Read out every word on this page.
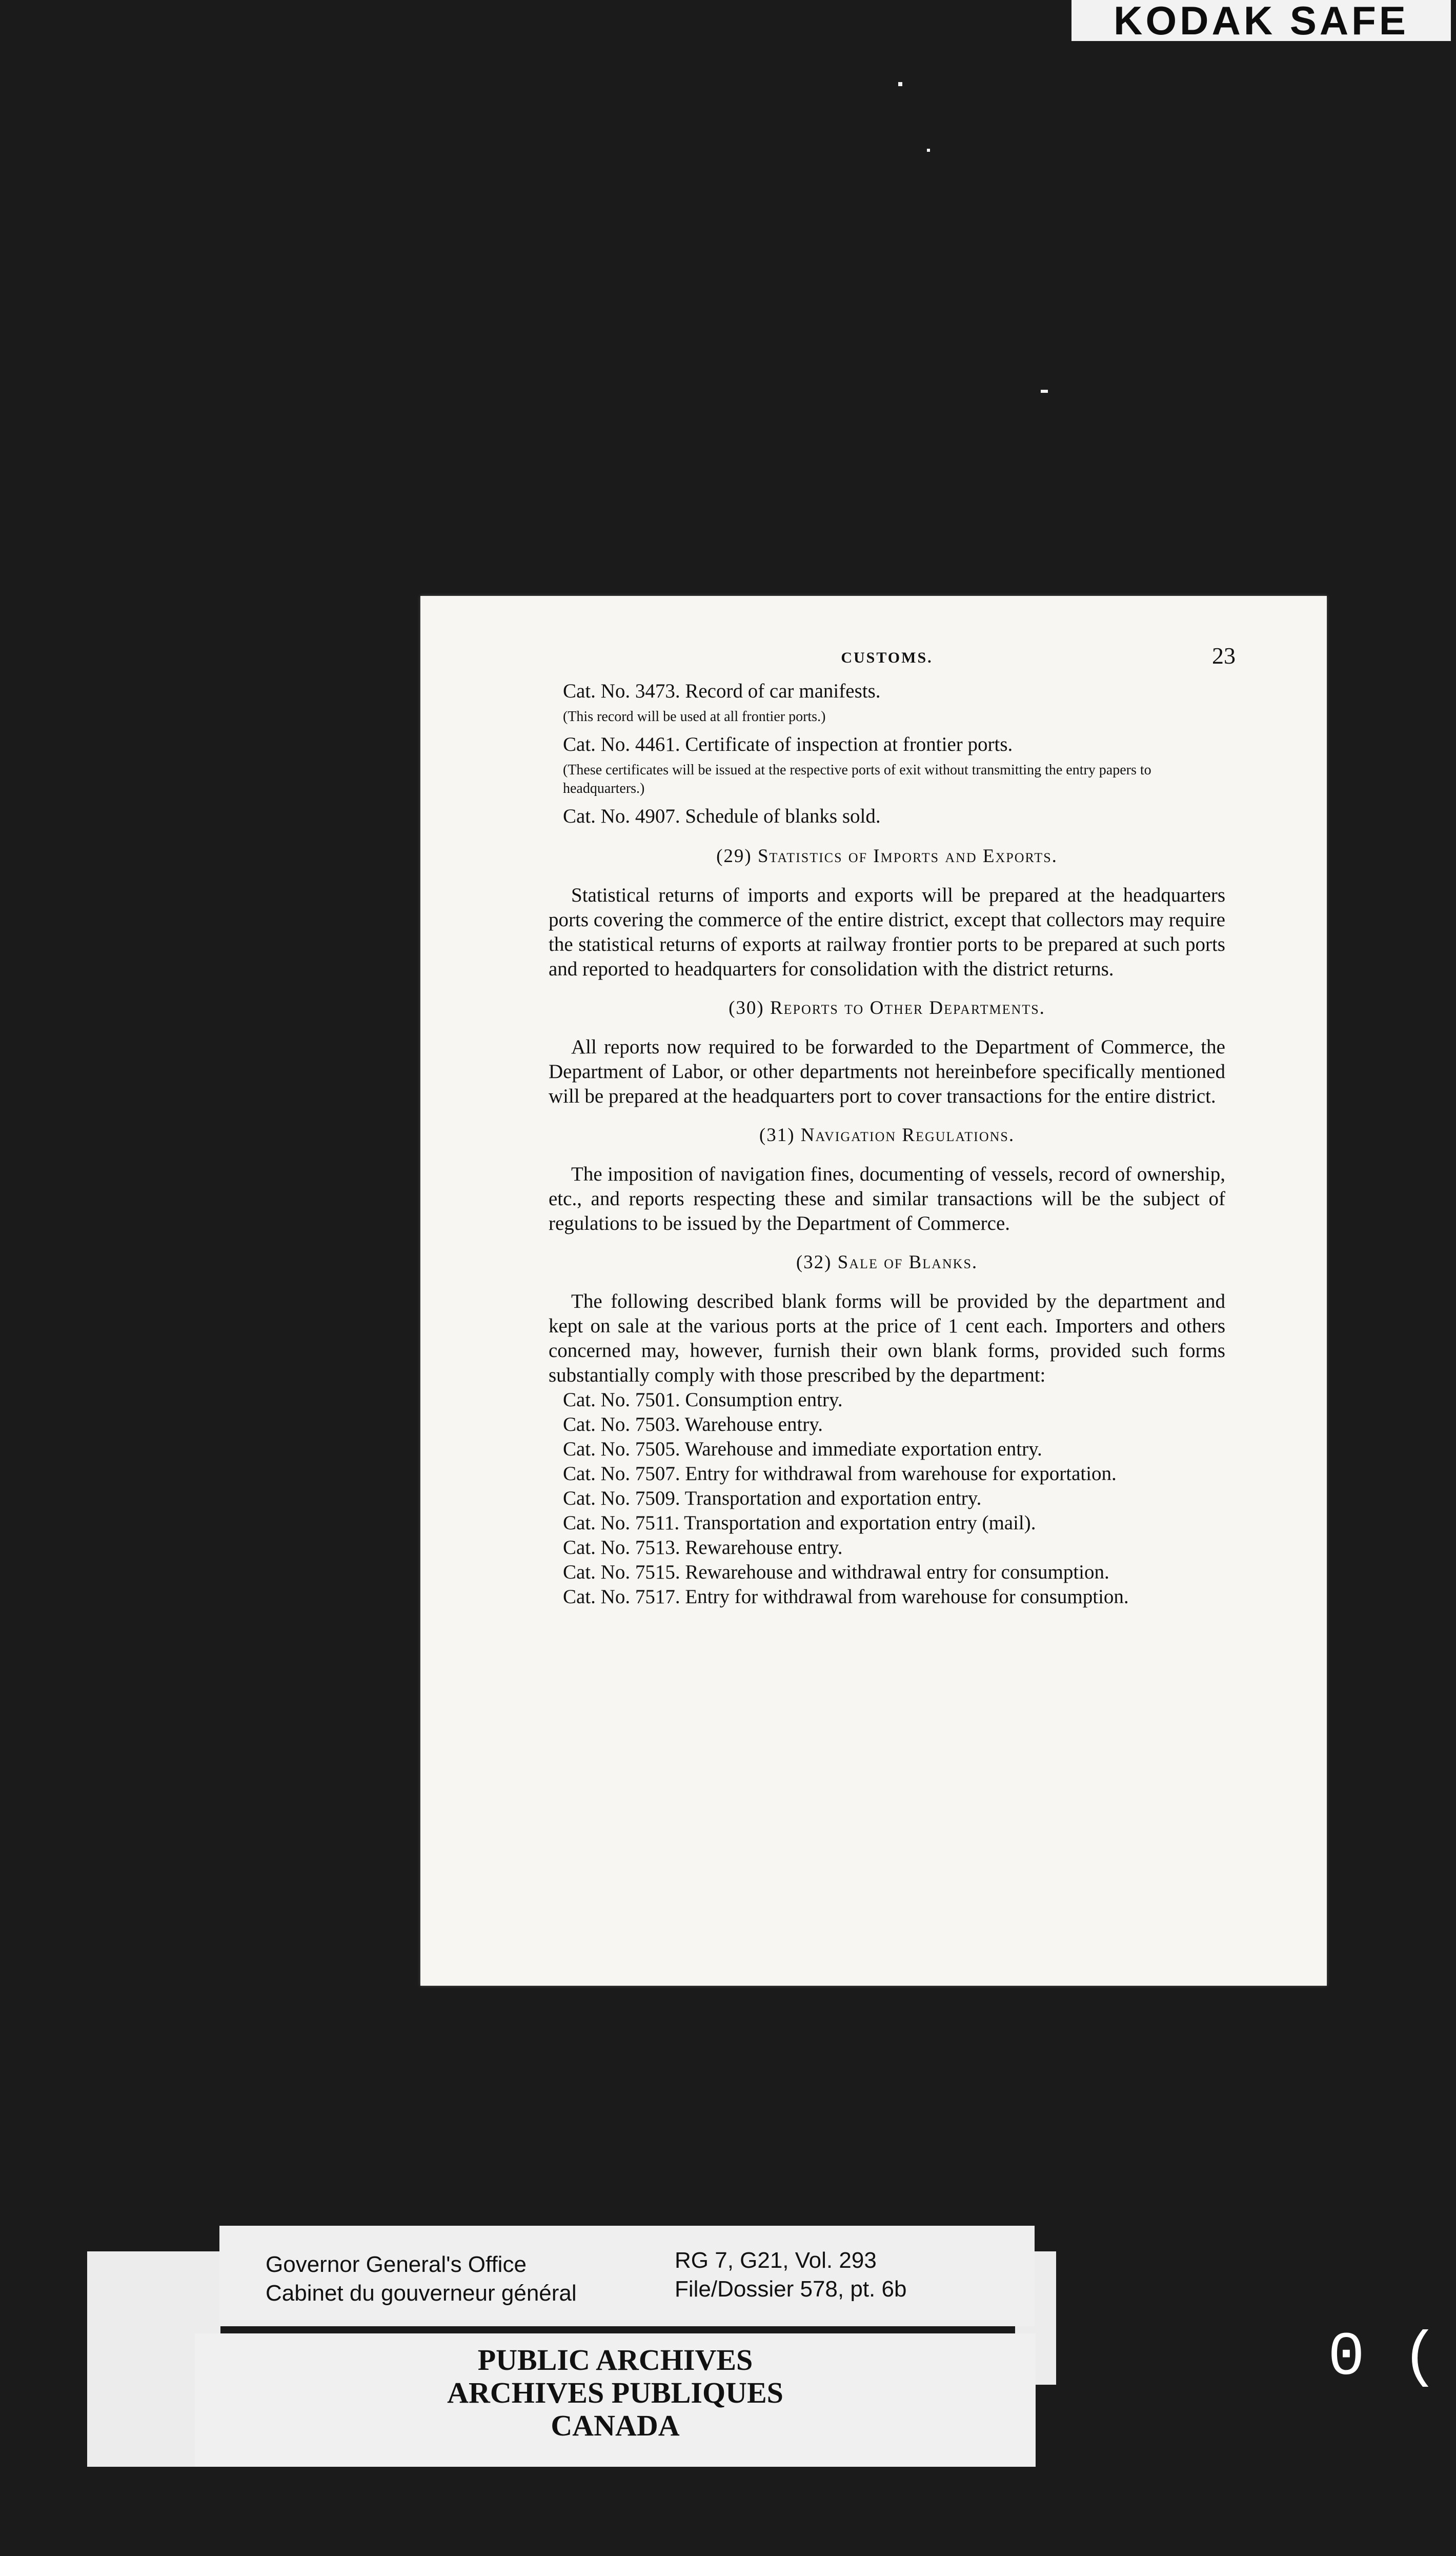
KODAK SAFE
CUSTOMS.	23
Cat. No. 3473. Record of car manifests.
(This record will be used at all frontier ports.)
Cat. No. 4461. Certificate of inspection at frontier ports.
(These certificates will be issued at the respective ports of exit without transmitting the entry papers to headquarters.)
Cat. No. 4907. Schedule of blanks sold.
(29) Statistics of Imports and Exports.
Statistical returns of imports and exports will be prepared at the headquarters ports covering the commerce of the entire district, except that collectors may require the statistical returns of exports at railway frontier ports to be prepared at such ports and reported to headquarters for consolidation with the district returns.
(30) Reports to Other Departments.
All reports now required to be forwarded to the Department of Commerce, the Department of Labor, or other departments not hereinbefore specifically mentioned will be prepared at the headquarters port to cover transactions for the entire district.
(31) Navigation Regulations.
The imposition of navigation fines, documenting of vessels, record of ownership, etc., and reports respecting these and similar transactions will be the subject of regulations to be issued by the Department of Commerce.
(32) Sale of Blanks.
The following described blank forms will be provided by the department and kept on sale at the various ports at the price of 1 cent each. Importers and others concerned may, however, furnish their own blank forms, provided such forms substantially comply with those prescribed by the department:
Cat. No. 7501. Consumption entry.
Cat. No. 7503. Warehouse entry.
Cat. No. 7505. Warehouse and immediate exportation entry.
Cat. No. 7507. Entry for withdrawal from warehouse for exportation.
Cat. No. 7509. Transportation and exportation entry.
Cat. No. 7511. Transportation and exportation entry (mail).
Cat. No. 7513. Rewarehouse entry.
Cat. No. 7515. Rewarehouse and withdrawal entry for consumption.
Cat. No. 7517. Entry for withdrawal from warehouse for consumption.
Governor General's Office
Cabinet du gouverneur général
RG 7, G21, Vol. 293
File/Dossier 578, pt. 6b
PUBLIC ARCHIVES
ARCHIVES PUBLIQUES
CANADA
0 (
